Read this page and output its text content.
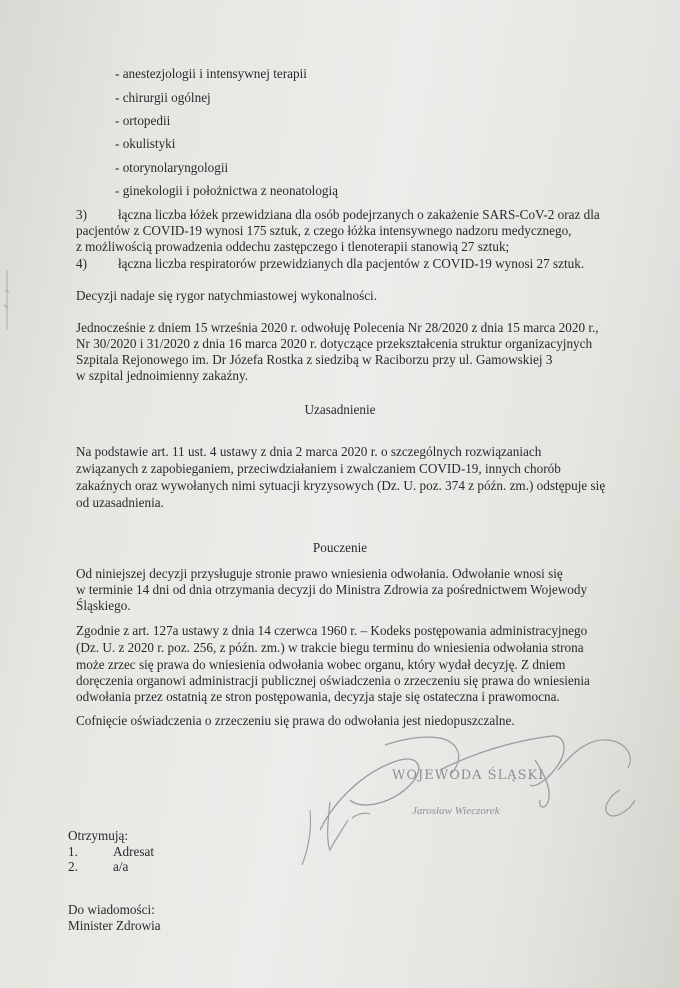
- anestezjologii i intensywnej terapii
- chirurgii ogólnej
- ortopedii
- okulistyki
- otorynolaryngologii
- ginekologii i położnictwa z neonatologią
3) łączna liczba łóżek przewidziana dla osób podejrzanych o zakażenie SARS-CoV-2 oraz dla
pacjentów z COVID-19 wynosi 175 sztuk, z czego łóżka intensywnego nadzoru medycznego,
z możliwością prowadzenia oddechu zastępczego i tlenoterapii stanowią 27 sztuk;
4) łączna liczba respiratorów przewidzianych dla pacjentów z COVID-19 wynosi 27 sztuk.
Decyzji nadaje się rygor natychmiastowej wykonalności.
Jednocześnie z dniem 15 września 2020 r. odwołuję Polecenia Nr 28/2020 z dnia 15 marca 2020 r.,
Nr 30/2020 i 31/2020 z dnia 16 marca 2020 r. dotyczące przekształcenia struktur organizacyjnych
Szpitala Rejonowego im. Dr Józefa Rostka z siedzibą w Raciborzu przy ul. Gamowskiej 3
w szpital jednoimienny zakaźny.
Uzasadnienie
Na podstawie art. 11 ust. 4 ustawy z dnia 2 marca 2020 r. o szczególnych rozwiązaniach
związanych z zapobieganiem, przeciwdziałaniem i zwalczaniem COVID-19, innych chorób
zakaźnych oraz wywołanych nimi sytuacji kryzysowych (Dz. U. poz. 374 z późn. zm.) odstępuje się
od uzasadnienia.
Pouczenie
Od niniejszej decyzji przysługuje stronie prawo wniesienia odwołania. Odwołanie wnosi się
w terminie 14 dni od dnia otrzymania decyzji do Ministra Zdrowia za pośrednictwem Wojewody
Śląskiego.
Zgodnie z art. 127a ustawy z dnia 14 czerwca 1960 r. – Kodeks postępowania administracyjnego
(Dz. U. z 2020 r. poz. 256, z późn. zm.) w trakcie biegu terminu do wniesienia odwołania strona
może zrzec się prawa do wniesienia odwołania wobec organu, który wydał decyzję. Z dniem
doręczenia organowi administracji publicznej oświadczenia o zrzeczeniu się prawa do wniesienia
odwołania przez ostatnią ze stron postępowania, decyzja staje się ostateczna i prawomocna.
Cofnięcie oświadczenia o zrzeczeniu się prawa do odwołania jest niedopuszczalne.
WOJEWODA ŚLĄSKI
Jarosław Wieczorek
Otrzymują:
1.	Adresat
2.	a/a
Do wiadomości:
Minister Zdrowia
